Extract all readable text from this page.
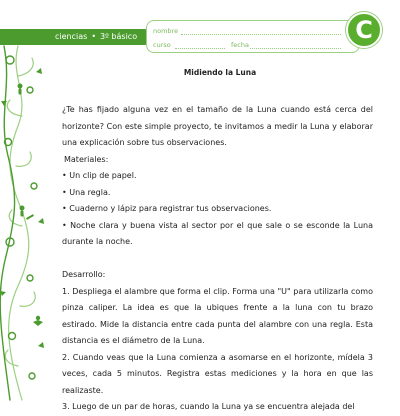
ciencias • 3º básico
nombre
curso	fecha
C
Midiendo la Luna

¿Te has fijado alguna vez en el tamaño de la Luna cuando está cerca del horizonte? Con este simple proyecto, te invitamos a medir la Luna y elaborar una explicación sobre tus observaciones.

Materiales:

• Un clip de papel.
• Una regla.
• Cuaderno y lápiz para registrar tus observaciones.
• Noche clara y buena vista al sector por el que sale o se esconde la Luna durante la noche.

Desarrollo:

1. Despliega el alambre que forma el clip. Forma una "U" para utilizarla como pinza caliper. La idea es que la ubiques frente a la luna con tu brazo estirado. Mide la distancia entre cada punta del alambre con una regla. Esta distancia es el diámetro de la Luna.

2. Cuando veas que la Luna comienza a asomarse en el horizonte, mídela 3 veces, cada 5 minutos. Registra estas mediciones y la hora en que las realizaste.

3. Luego de un par de horas, cuando la Luna ya se encuentra alejada del
